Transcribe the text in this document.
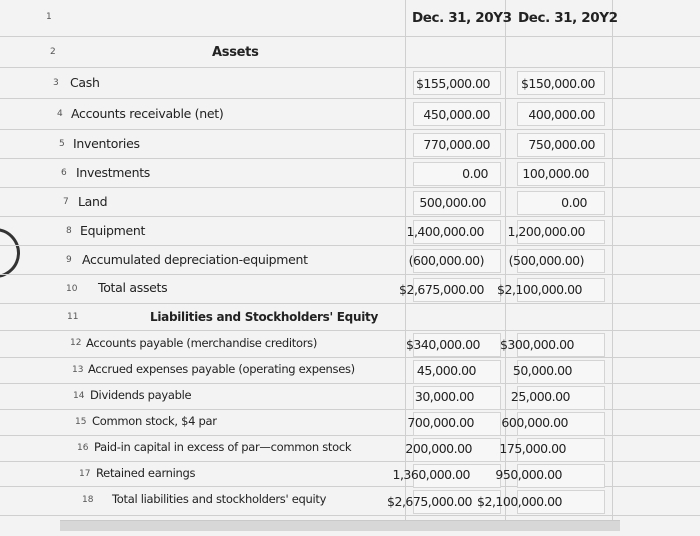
1	Dec. 31, 20Y3 Dec. 31, 20Y2
2	Assets
3 Cash	$155,000.00	$150,000.00
4 Accounts receivable (net)	450,000.00	400,000.00
5 Inventories	770,000.00	750,000.00
6 Investments	0.00	100,000.00
7 Land	500,000.00	0.00
8 Equipment	1,400,000.00	1,200,000.00
9 Accumulated depreciation-equipment	(600,000.00)	(500,000.00)
10 Total assets	$2,675,000.00	$2,100,000.00
11	Liabilities and Stockholders' Equity
12 Accounts payable (merchandise creditors)	$340,000.00	$300,000.00
13 Accrued expenses payable (operating expenses)	45,000.00	50,000.00
14 Dividends payable	30,000.00	25,000.00
15 Common stock, $4 par	700,000.00	600,000.00
16 Paid-in capital in excess of par—common stock	200,000.00	175,000.00
17 Retained earnings	1,360,000.00	950,000.00
18 Total liabilities and stockholders' equity	$2,675,000.00 $2,100,000.00
